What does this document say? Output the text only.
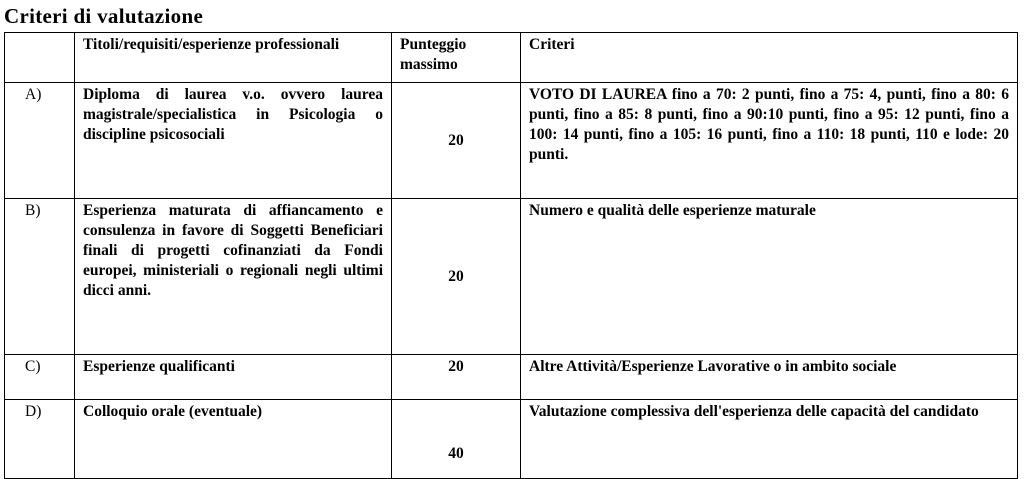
Criteri di valutazione
	Titoli/requisiti/esperienze professionali	Punteggio massimo	Criteri
A)	Diploma di laurea v.o. ovvero laurea magistrale/specialistica in Psicologia o discipline psicosociali	20	VOTO DI LAUREA fino a 70: 2 punti, fino a 75: 4, punti, fino a 80: 6 punti, fino a 85: 8 punti, fino a 90:10 punti, fino a 95: 12 punti, fino a 100: 14 punti, fino a 105: 16 punti, fino a 110: 18 punti, 110 e lode: 20 punti.
B)	Esperienza maturata di affiancamento e consulenza in favore di Soggetti Beneficiari finali di progetti cofinanziati da Fondi europei, ministeriali o regionali negli ultimi dicci anni.	20	Numero e qualità delle esperienze maturale
C)	Esperienze qualificanti	20	Altre Attività/Esperienze Lavorative o in ambito sociale
D)	Colloquio orale (eventuale)	40	Valutazione complessiva dell'esperienza delle capacità del candidato
